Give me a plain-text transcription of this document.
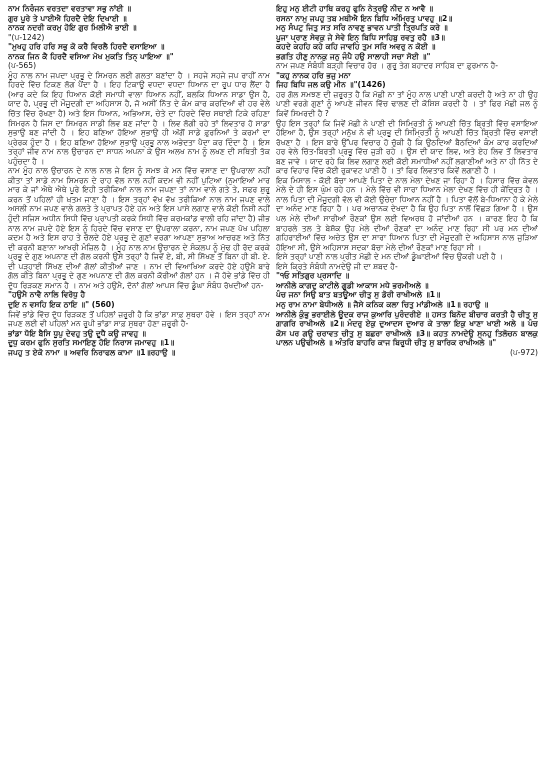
ਨਾਮ ਨਿਰੰਜਨ ਵਰਤਦਾ ਵਰਤਾਵਾ ਸਭੁ ਨਾਂਈ ॥

ਗੁਰ ਪੂਰੇ ਤੇ ਪਾਈਐ ਹਿਰਦੈ ਦੇਇ ਦਿਖਾਈ ॥

ਨਾਨਕ ਨਦਰੀ ਕਰਮੁ ਹੋਇ ਗੁਰ ਮਿਲੀਐ ਭਾਈ ॥

"(ਪ-1242)

"ਮੁਖਹੁ ਹਰਿ ਹਰਿ ਸਭੁ ਕੋ ਕਰੈ ਵਿਰਲੈ ਹਿਰਦੈ ਵਸਾਇਆ ॥

ਨਾਨਕ ਜਿਨ ਕੈ ਹਿਰਦੈ ਵਸਿਆ ਮੋਖ ਮੁਕਤਿ ਤਿਨ੍ ਪਾਇਆ ॥"

(ਪ-565)

ਮੂੰਹ ਨਾਲ ਨਾਮ ਜਪਦਾ ਪ੍ਰਭੂ ਦੇ ਸਿਮਰਨ ਲਈ ਗਲਤਾ ਬਣਾਂਦਾ ਹੈ । ਸਹਜੇ ਸਹਜੇ ਜਪ ਰਾਹੀਂ ਨਾਮ ਹਿਰਦੇ ਵਿੱਚ ਟਿਕਣ ਲੱਗ ਪੈਂਦਾ ਹੈ । ਇਹ ਟਿਕਾਊ ਵਧਦਾ ਵਧਦਾ ਧਿਆਨ ਦਾ ਰੂਪ ਧਾਰ ਲੈਂਦਾ ਹੈ (ਆਰ ਕਦੇ ਕਿ ਇਹ ਧਿਆਨ ਕੋਈ ਸਮਾਧੀ ਵਾਲਾ ਧਿਆਨ ਨਹੀਂ, ਬਲਕਿ ਧਿਆਨ ਸਾਡਾ ਉਸ ਹੈ, ਯਾਦ ਹੈ, ਪ੍ਰਭੂ ਦੀ ਮੌਜੂਦਗੀ ਦਾ ਅਹਿਸਾਸ ਹੈ, ਜੋ ਅਸੀਂ ਨਿੱਤ ਦੇ ਕੰਮ ਕਾਰ ਕਰਦਿਆਂ ਵੀ ਹਰ ਵੇਲੇ ਚਿੱਤ ਵਿੱਚ ਰੱਖਣਾ ਹੈ) ਅਤੇ ਇਸ ਧਿਆਨ, ਅਭਿਆਸ, ਚੇਤੇ ਦਾ ਹਿਰਦੇ ਵਿੱਚ ਸਥਾਈ ਟਿਕੇ ਰਹਿਣਾ ਸਿਮਰਨ ਹੈ ਜਿਸ ਦਾ ਸਿਮਰਨ ਸਾਡੀ ਲਿਵ ਬਣ ਜਾਂਦਾ ਹੈ । ਲਿਵ ਲੱਗੀ ਰਹੇ ਤਾਂ ਲਿਵਤਾਰ ਹੋ ਸਾਡਾ ਸੁਭਾਉ ਬਣ ਜਾਂਦੀ ਹੈ । ਇਹ ਬਣਿਆ ਹੋਇਆ ਸੁਭਾਉ ਹੀ ਅੱਗੋਂ ਸਾਡੇ ਫ਼ੁਰਨਿਆਂ ਤੇ ਕਰਮਾਂ ਦਾ ਪ੍ਰੇਰਕ ਹੁੰਦਾ ਹੈ । ਇਹ ਬਣਿਆ ਹੋਇਆ ਸੁਭਾਉ ਪ੍ਰਭੂ ਨਾਲ ਅਭੇਦਤਾ ਪੈਦਾ ਕਰ ਦਿੰਦਾ ਹੈ । ਇਸ ਤਰ੍ਹਾਂ ਜੀਵ ਨਾਮ ਨਾਲ ਉਚਾਰਨ ਦਾ ਸਾਧਨ ਅਪਨਾ ਕੇ ਉਸ ਅਲਖ ਨਾਮ ਨੂੰ ਲਖਣ ਦੀ ਸਥਿਤੀ ਤੱਕ ਪਹੁੰਚਦਾ ਹੈ ।

ਨਾਮ ਮੂੰਹ ਨਾਲ ਉਚਾਰਨ ਦੇ ਨਾਲ ਨਾਲ ਜੇ ਇਸ ਨੂੰ ਸਮਝ ਕੇ ਮਨ ਵਿੱਚ ਵਸਾਣ ਦਾ ਉਪਰਾਲਾ ਨਹੀਂ ਕੀਤਾ ਤਾਂ ਸਾਡੇ ਨਾਮ ਸਿਮਰਨ ਦੇ ਰਾਹ ਵੱਲ ਨਾਲ ਨਹੀਂ ਕਦਮ ਵੀ ਨਹੀਂ ਪੁਟਿਆ (ਨੁਮਾਇਆਂ ਮਾਰ ਮਾਰ ਕੇ ਜਾਂ ਐਥੇ ਐਥੇ ਪੂਰੇ ਇਹੀ ਤਰੀਕਿਆਂ ਨਾਲ ਨਾਮ ਜਪਣਾ ਤਾਂ ਨਾਮ ਵਾਲੇ ਗਤੇ ਤੇ, ਸਫਰ ਸ਼ੁਰੂ ਕਰਨ ਤੋਂ ਪਹਿਲਾਂ ਹੀ ਖ਼ਤਮ ਜਾਣਾ ਹੈ । ਇਸ ਤਰ੍ਹਾਂ ਵੱਖ ਵੱਖ ਤਰੀਕਿਆਂ ਨਾਲ ਨਾਮ ਜਪਣ ਵਾਲੇ ਅਸਲੀ ਨਾਮ ਜਪਣ ਵਾਲੇ ਗਲਤੇ ਤੇ ਪ੍ਰਾਪਤ ਹੋਏ ਹਨ ਅਤੇ ਇਸ ਪਾਸੇ ਲਗਾਣ ਵਾਲੇ ਕੋਈ ਨਿਸ਼ੀ ਨਹੀਂ ਹੁੰਦੀ ਸਜਿਸ ਅਧੀਨ ਸਿਧੀ ਵਿੱਚ ਪ੍ਰਾਪਤੀ ਕਰਕੇ ਸਿਧੀ ਵਿੱਚ ਕਰਮਕਾਂਡ ਵਾਲੀ ਰਹਿ ਜਾਂਦਾ ਹੈ) ਜੀਭ ਨਾਲ ਨਾਮ ਜਪਦੇ ਹੋਏ ਇਸ ਨੂੰ ਹਿਰਦੇ ਵਿੱਚ ਵਸਾਣ ਦਾ ਉਪਰਾਲਾ ਕਰਨਾ, ਨਾਮ ਜਪਣ ਪੱਖ ਪਹਿਲਾ ਕਦਮ ਹੈ ਅਤੇ ਇਸ ਰਾਹ ਤੇ ਚੱਲਦੇ ਹੋਏ ਪ੍ਰਭੂ ਦੇ ਗੁਣਾਂ ਵਰਗਾ ਆਪਣਾ ਸੁਭਾਅ ਆਚਰਣ ਅਤੇ ਨਿੱਤ ਦੀ ਕਰਨੀ ਬਣਾਨਾ ਆਖਰੀ ਮੰਜ਼ਿਲ ਹੈ । ਮੂੰਹ ਨਾਲ ਨਾਮ ਉਚਾਰਨ ਦੇ ਸੰਕਲਪ ਨੂੰ ਮੁੱਢ ਹੀ ਰੱਦ ਕਰਕੇ ਪ੍ਰਭੂ ਦੇ ਗੁਣ ਅਪਨਾਣ ਦੀ ਗੱਲ ਕਰਨੀ ਉਸੇ ਤਰ੍ਹਾਂ ਹੈ ਜਿਵੇਂ ਏ, ਬੀ, ਸੀ ਸਿੱਖਣ ਤੋਂ ਬਿਨਾ ਹੀ ਬੀ. ਏ. ਦੀ ਪੜ੍ਹਾਈ ਸਿੱਖਣ ਦੀਆਂ ਗੱਲਾਂ ਕੀਤੀਆਂ ਜਾਣ । ਨਾਮ ਦੀ ਵਿਆਖਿਆ ਕਰਦੇ ਹੋਏ ਹਉਮੈ ਬਾਰੇ ਗੱਲ ਕੀਤੇ ਬਿਨਾ ਪ੍ਰਭੂ ਦੇ ਗੁਣ ਅਪਨਾਣ ਦੀ ਗੱਲ ਕਰਨੀ ਕੋਰੀਆਂ ਗੱਲਾਂ ਹਨ । ਜੋ ਹੋਵੇ ਭਾਂਡੇ ਵਿੱਚ ਹੀ ਦੁੱਧ ਰਿੜਕਣ ਸਮਾਨ ਹੈ । ਨਾਮ ਅਤੇ ਹਉਮੈ, ਦੋਨਾਂ ਗੱਲਾਂ ਆਪਸ ਵਿੱਚ ਡੂੰਘਾ ਸੰਬੰਧ ਰੱਖਦੀਆਂ ਹਨ-

"ਹਉਮੈ ਨਾਵੈ ਨਾਲਿ ਵਿਰੋਧੁ ਹੈ

ਦੁਇ ਨ ਵਸਹਿ ਇਕ ਠਾਇ ॥" (560)

ਜਿਵੇਂ ਭਾਂਡੇ ਵਿੱਚ ਦੁੱਧ ਰਿੜਕਣ ਤੋਂ ਪਹਿਲਾਂ ਜ਼ਰੂਰੀ ਹੈ ਕਿ ਭਾਂਡਾ ਸਾਫ਼ ਸੁਥਰਾ ਹੋਵੇ । ਇਸ ਤਰ੍ਹਾਂ ਨਾਮ ਜਪਣ ਲਈ ਵੀ ਪਹਿਲਾਂ ਮਨ ਰੂਪੀ ਭਾਂਡਾ ਸਾਫ਼ ਸੁਥਰਾ ਹੋਣਾ ਜ਼ਰੂਰੀ ਹੈ-

ਭਾਂਡਾ ਧੋਇ ਬੈਸਿ ਧੂਪੁ ਦੇਵਹੁ ਤਉ ਦੂਧੈ ਕਉ ਜਾਵਹੁ ॥

ਦੂਧੁ ਕਰਮ ਫੁਨਿ ਸੁਰਤਿ ਸਮਾਇਣੁ ਹੋਇ ਨਿਰਾਸ ਜਮਾਵਹੁ ॥1॥

ਜਪਹੁ ਤ ਏਕੋ ਨਾਮਾ ॥ ਅਵਰਿ ਨਿਰਾਫਲ ਕਾਮਾ ॥1॥ਰਹਾਉ ॥

ਇਹੁ ਮਨੁ ਈਟੀ ਹਾਥਿ ਕਰਹੁ ਫੁਨਿ ਨੇਤ੍ਰਉ ਨੀਦ ਨ ਆਵੈ ॥

ਰਸਨਾ ਨਾਮੁ ਜਪਹੁ ਤਬ ਮਥੀਐ ਇਨ ਬਿਧਿ ਅੰਮ੍ਰਿਤੁ ਪਾਵਹੁ ॥2॥

ਮਨੁ ਸੰਪਟੁ ਜਿਤੁ ਸਤ ਸਰਿ ਨਾਵਣੁ ਭਾਵਨ ਪਾਤੀ ਤ੍ਰਿਪਤਿ ਕਰੇ ॥

ਪੂਜਾ ਪ੍ਰਾਣ ਸੇਵਕੁ ਜੇ ਸੇਵੇ ਇਨ੍ ਬਿਧਿ ਸਾਹਿਬੁ ਰਵਤੁ ਰਹੈ ॥3॥

ਕਹਦੇ ਕਹਹਿ ਕਹੇ ਕਹਿ ਜਾਵਹਿ ਤੁਮ ਸਰਿ ਅਵਰੁ ਨ ਕੋਈ ॥

ਭਗਤਿ ਹੀਣੁ ਨਾਨਕੁ ਜਨੁ ਜੰਪੈ ਹਉ ਸਾਲਾਹੀ ਸਚਾ ਸੋਈ ॥"

ਨਾਮ ਜਪਣ ਸੰਬੰਧੀ ਬੜ੍ਹੀ ਵਿਚਾਰ ਹੋਰ । ਗੁਰੂ ਤੇਗ ਬਹਾਦਰ ਸਾਹਿਬ ਦਾ ਫ਼ੁਰਮਾਨ ਹੈ-

"ਕਹੁ ਨਾਨਕ ਹਰਿ ਭਜੁ ਮਨਾ

ਜਿਹ ਬਿਧਿ ਜਲ ਕਉ ਮੀਨ ॥"(1426)

ਹਰ ਗੱਲ ਸਮਝਣ ਦੀ ਜ਼ਰੂਰਤ ਹੈ ਕਿ ਮੱਛੀ ਨਾ ਤਾਂ ਮੂੰਹ ਨਾਲ ਪਾਣੀ ਪਾਣੀ ਕਰਦੀ ਹੈ ਅਤੇ ਨਾ ਹੀ ਉਹ ਪਾਣੀ ਵਰਗੇ ਗੁਣਾਂ ਨੂੰ ਆਪਣੇ ਜੀਵਨ ਵਿੱਚ ਢਾਲਣ ਦੀ ਕੋਸ਼ਿਸ਼ ਕਰਦੀ ਹੈ । ਤਾਂ ਫਿਰ ਮੱਛੀ ਜਲ ਨੂੰ ਕਿਵੇਂ ਸਿਮਰਦੀ ਹੈ ?

ਉਹ ਇਸ ਤਰ੍ਹਾਂ ਕਿ ਜਿਵੇਂ ਮੱਛੀ ਨੇ ਪਾਣੀ ਦੀ ਸਿਮ੍ਰਿਤੀ ਨੂੰ ਆਪਣੀ ਚਿੱਤ ਬ੍ਰਿਤੀ ਵਿੱਚ ਵਸਾਇਆ ਹੋਇਆ ਹੈ, ਉਸ ਤਰ੍ਹਾਂ ਮਨੁੱਖ ਨੇ ਵੀ ਪ੍ਰਭੂ ਦੀ ਸਿਮ੍ਰਿਤੀ ਨੂੰ ਆਪਣੀ ਚਿੱਤ ਬ੍ਰਿਤੀ ਵਿੱਚ ਵਸਾਈ ਰੱਖਣਾ ਹੈ । ਇਸ ਬਾਰੇ ਉੱਪਰ ਵਿਚਾਰ ਹੋ ਚੁੱਕੀ ਹੈ ਕਿ ਉਠਦਿਆਂ ਬੈਠਦਿਆਂ ਕੰਮ ਕਾਰ ਕਰਦਿਆਂ ਹਰ ਵੇਲੇ ਚਿੱਤ-ਬਿਰਤੀ ਪ੍ਰਭੂ ਵਿੱਚ ਜੁੜੀ ਰਹੇ । ਉਸ ਦੀ ਯਾਦ ਲਿਵ, ਅਤੇ ਏਹ ਲਿਵ ਤੋਂ ਲਿਵਤਾਰ ਬਣ ਜਾਵੇ । ਯਾਦ ਰਹੇ ਕਿ ਲਿਵ ਲਗਾਣ ਲਈ ਕੋਈ ਸਮਾਧੀਆਂ ਨਹੀਂ ਲਗਾਣੀਆਂ ਅਤੇ ਨਾ ਹੀ ਨਿੱਤ ਦੇ ਕਾਰ ਵਿਹਾਰ ਵਿੱਚ ਕੋਈ ਰੁਕਾਵਟ ਪਾਣੀ ਹੈ । ਤਾਂ ਫਿਰ ਲਿਵਤਾਰ ਕਿਵੇਂ ਲਗਾਣੀ ਹੈ ।

ਇਕ ਮਿਸਾਲ - ਕੋਈ ਬੱਚਾ ਆਪਣੇ ਪਿਤਾ ਦੇ ਨਾਲ ਮੇਲਾ ਦੇਖਣ ਜਾ ਰਿਹਾ ਹੈ । ਹਿਸਾਰ ਵਿੱਚ ਕੇਵਲ ਮੇਲੇ ਦੇ ਹੀ ਇਸ ਘੁੰਮ ਰਹੇ ਹਨ । ਮੇਲੇ ਵਿੱਚ ਵੀ ਸਾਰਾ ਧਿਆਨ ਮੇਲਾ ਦੇਖਣ ਵਿੱਚ ਹੀ ਕੇਂਦ੍ਰਿਤ ਹੈ । ਨਾਲ ਪਿਤਾ ਦੀ ਮੌਜੂਦਗੀ ਵੱਲ ਵੀ ਕੋਈ ਉਚੇਚਾ ਧਿਆਨ ਨਹੀਂ ਹੈ । ਪਿਤਾ ਵੱਲੋਂ ਬੇ-ਧਿਆਨਾ ਹੋ ਕੇ ਮੇਲੇ ਦਾ ਅਨੰਦ ਮਾਣ ਰਿਹਾ ਹੈ । ਪਰ ਅਚਾਨਕ ਦੇਖਦਾ ਹੈ ਕਿ ਉਹ ਪਿਤਾ ਨਾਲੋਂ ਵਿੱਛੜ ਗਿਆ ਹੈ । ਉਸ ਪਲ ਮੇਲੇ ਦੀਆਂ ਸਾਰੀਆਂ ਰੌਣਕਾਂ ਉਸ ਲਈ ਵਿਅਰਥ ਹੋ ਜਾਂਦੀਆਂ ਹਨ । ਕਾਰਣ ਇਹ ਹੈ ਕਿ ਬਾਹਰਲੇ ਤਲ ਤੇ ਬੇਸ਼ੱਕ ਉਹ ਮੇਲੇ ਦੀਆਂ ਰੌਣਕਾਂ ਦਾ ਅਨੰਦ ਮਾਣ ਰਿਹਾ ਸੀ ਪਰ ਮਨ ਦੀਆਂ ਗਹਿਰਾਈਆਂ ਵਿੱਚ ਅਚੇਤ ਉਸ ਦਾ ਸਾਰਾ ਧਿਆਨ ਪਿਤਾ ਦੀ ਮੌਜੂਦਗੀ ਦੇ ਅਹਿਸਾਸ ਨਾਲ ਜੁੜਿਆ ਹੋਇਆ ਸੀ, ਉਸੇ ਅਹਿਸਾਸ ਸਦਕਾ ਬੱਚਾ ਮੇਲੇ ਦੀਆਂ ਰੌਣਕਾਂ ਮਾਣ ਰਿਹਾ ਸੀ ।

ਇਸੇ ਤਰ੍ਹਾਂ ਪਾਣੀ ਨਾਲ ਪ੍ਰੀਤ ਮੱਛੀ ਦੇ ਮਨ ਦੀਆਂ ਡੂੰਘਾਈਆਂ ਵਿੱਚ ਉਕਰੀ ਪਈ ਹੈ ।

ਇਸੇ ਕ੍ਰਿਤੇ ਸੰਬੰਧੀ ਨਾਮਦੇਉ ਜੀ ਦਾ ਸ਼ਬਦ ਹੈ-

"੧ਓ ਸਤਿਗੁਰ ਪ੍ਰਸਾਦਿ ॥

ਆਨੀਲੇ ਕਾਗਦੁ ਕਾਟੀਲੇ ਗੂਡੀ ਆਕਾਸ ਮਧੇ ਭਰਮੀਅਲੇ ॥

ਪੰਚ ਜਨਾ ਸਿਉ ਬਾਤ ਬਤਊਆ ਚੀਤੁ ਸੁ ਡੋਰੀ ਰਾਖੀਅਲੇ ॥1॥

ਮਨੁ ਰਾਮ ਨਾਮਾ ਬੇਧੀਅਲੇ ॥ ਜੈਸੇ ਕਨਿਕ ਕਲਾ ਚਿਤੁ ਮਾਂਡੀਅਲੇ ॥1॥ ਰਹਾਉ ॥

ਆਨੀਲੇ ਕੁੰਭੁ ਭਰਾਈਲੇ ਊਦਕ ਰਾਜ ਕੁਆਰਿ ਪੁਰੰਦਰੀਏ ॥ ਹਸਤ ਬਿਨੋਦ ਬੀਚਾਰ ਕਰਤੀ ਹੈ ਚੀਤੁ ਸੁ ਗਾਗਰਿ ਰਾਖੀਅਲੇ ॥2॥ ਮੰਦਰੁ ਏਕੁ ਦੁਆਦਸ ਦੁਆਰ ਕੇ ਤਾਲਾ ਇਕੁ ਖਾਣਾ ਖਾਈ ਅਲੇ ॥ ਪੰਚ ਕੋਸ ਪਰ ਗਉ ਚਰਾਵਤ ਚੀਤੁ ਸੁ ਬਛਰਾ ਰਾਖੀਅਲੇ ॥3॥ ਕਹਤ ਨਾਮਦੇਉ ਸੁਨਹੁ ਤਿਲੋਚਨ ਬਾਲਕੁ ਪਾਲਨ ਪਉਢੀਅਲੇ ॥ ਅੰਤਰਿ ਬਾਹਰਿ ਕਾਜ ਬਿਰੂਧੀ ਚੀਤੁ ਸੁ ਬਾਰਿਕ ਰਾਖੀਅਲੇ ॥"

(ਪ-972)
